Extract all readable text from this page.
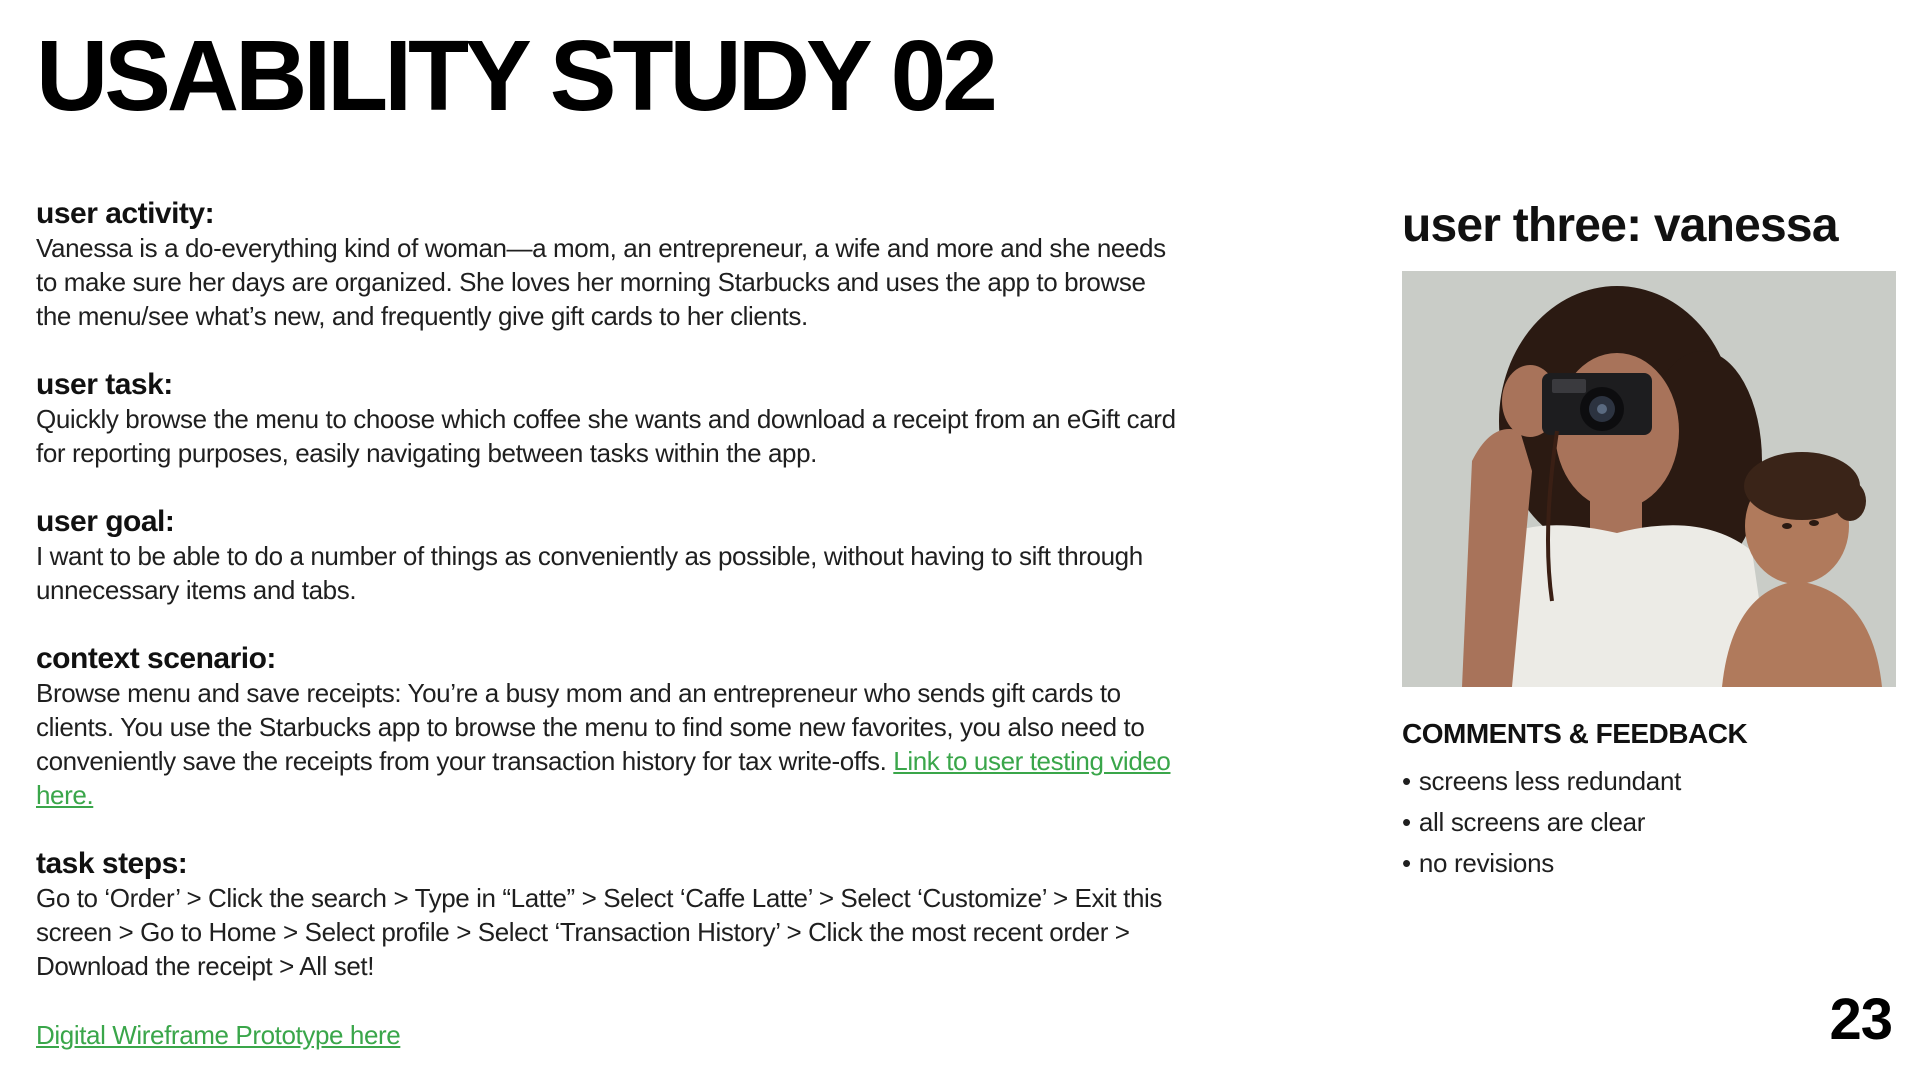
USABILITY STUDY 02
user activity:

Vanessa is a do-everything kind of woman—a mom, an entrepreneur, a wife and more and she needs to make sure her days are organized. She loves her morning Starbucks and uses the app to browse the menu/see what’s new, and frequently give gift cards to her clients.

user task:

Quickly browse the menu to choose which coffee she wants and download a receipt from an eGift card for reporting purposes, easily navigating between tasks within the app.

user goal:

I want to be able to do a number of things as conveniently as possible, without having to sift through unnecessary items and tabs.

context scenario:

Browse menu and save receipts: You’re a busy mom and an entrepreneur who sends gift cards to clients. You use the Starbucks app to browse the menu to find some new favorites, you also need to conveniently save the receipts from your transaction history for tax write-offs. Link to user testing video here.

task steps:

Go to ‘Order’ > Click the search > Type in “Latte” > Select ‘Caffe Latte’ > Select ‘Customize’ > Exit this screen > Go to Home > Select profile > Select ‘Transaction History’ > Click the most recent order > Download the receipt > All set!

Digital Wireframe Prototype here
user three: vanessa
COMMENTS & FEEDBACK
• screens less redundant
• all screens are clear
• no revisions
23
